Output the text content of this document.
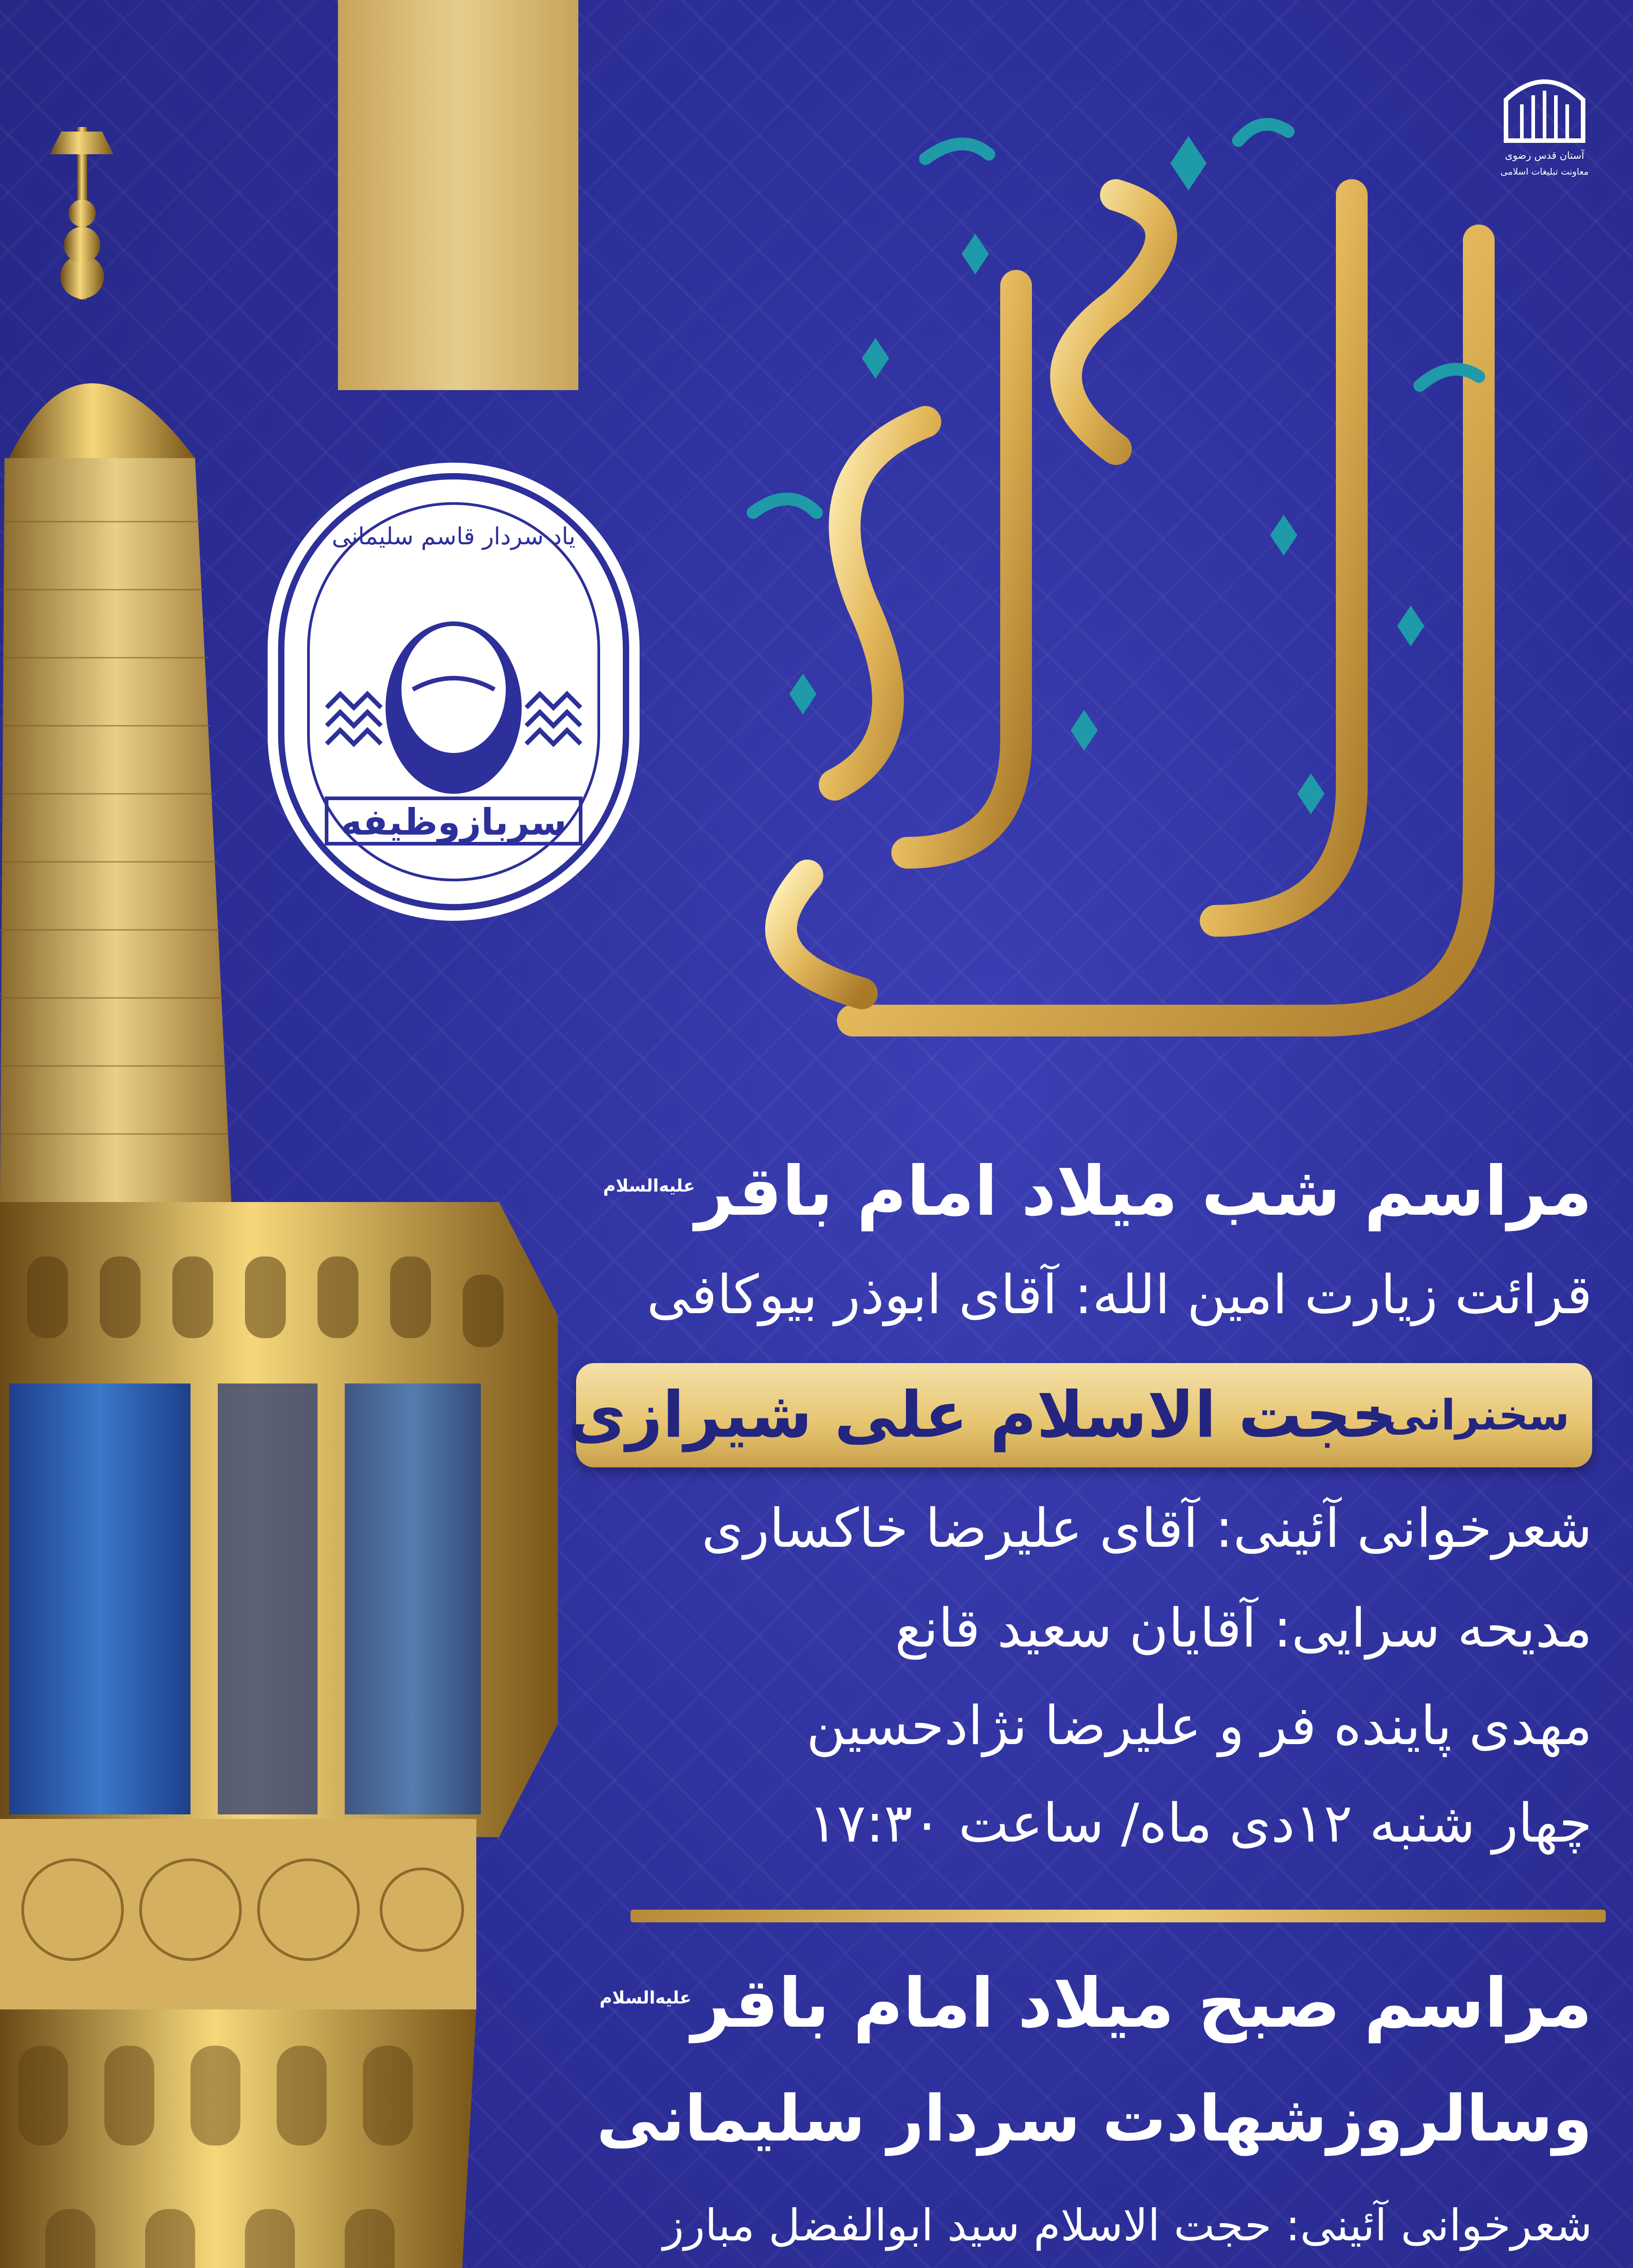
آستان قدس رضوی
معاونت تبلیغات اسلامی
یاد سردار قاسم سلیمانی
سربازوظیفه
مراسم شب میلاد امام باقر$^{علیه‌السلام}$
قرائت زیارت امین الله: آقای ابوذر بیوکافی
سخنرانی:
حجت الاسلام علی شیرازی
شعرخوانی آئینی: آقای علیرضا خاکساری
مدیحه سرایی: آقایان سعید قانع
مهدی پاینده فر و علیرضا نژادحسین
چهار شنبه ۱۲دی ماه/ ساعت ۱۷:۳۰
مراسم صبح میلاد امام باقر$^{علیه‌السلام}$
وسالروزشهادت سردار سلیمانی
شعرخوانی آئینی: حجت الاسلام سید ابوالفضل مبارز
